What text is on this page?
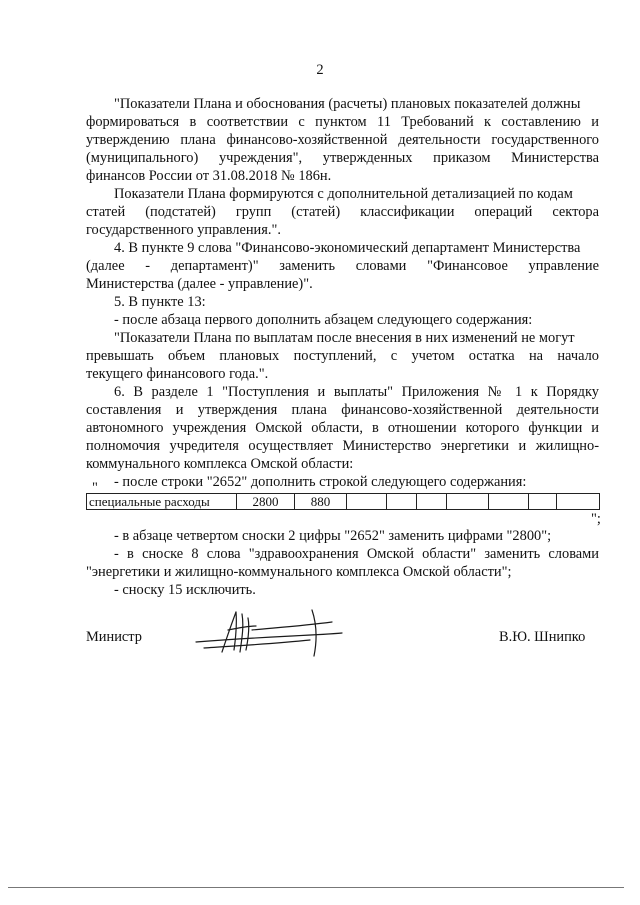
2
"Показатели Плана и обоснования (расчеты) плановых показателей должны
формироваться в соответствии с пунктом 11 Требований к составлению и
утверждению плана финансово-хозяйственной деятельности государственного
(муниципального) учреждения", утвержденных приказом Министерства
финансов России от 31.08.2018 № 186н.
Показатели Плана формируются с дополнительной детализацией по кодам
статей (подстатей) групп (статей) классификации операций сектора
государственного управления.".
4. В пункте 9 слова "Финансово-экономический департамент Министерства
(далее - департамент)" заменить словами "Финансовое управление
Министерства (далее - управление)".
5. В пункте 13:
- после абзаца первого дополнить абзацем следующего содержания:
"Показатели Плана по выплатам после внесения в них изменений не могут
превышать объем плановых поступлений, с учетом остатка на начало
текущего финансового года.".
6. В разделе 1 "Поступления и выплаты" Приложения № 1 к Порядку
составления и утверждения плана финансово-хозяйственной деятельности
автономного учреждения Омской области, в отношении которого функции и
полномочия учредителя осуществляет Министерство энергетики и жилищно-
коммунального комплекса Омской области:
- после строки "2652" дополнить строкой следующего содержания:
"
специальные расходы	2800	880							
";
- в абзаце четвертом сноски 2 цифры "2652" заменить цифрами "2800";
- в сноске 8 слова "здравоохранения Омской области" заменить словами
"энергетики и жилищно-коммунального комплекса Омской области";
- сноску 15 исключить.
Министр	В.Ю. Шнипко
